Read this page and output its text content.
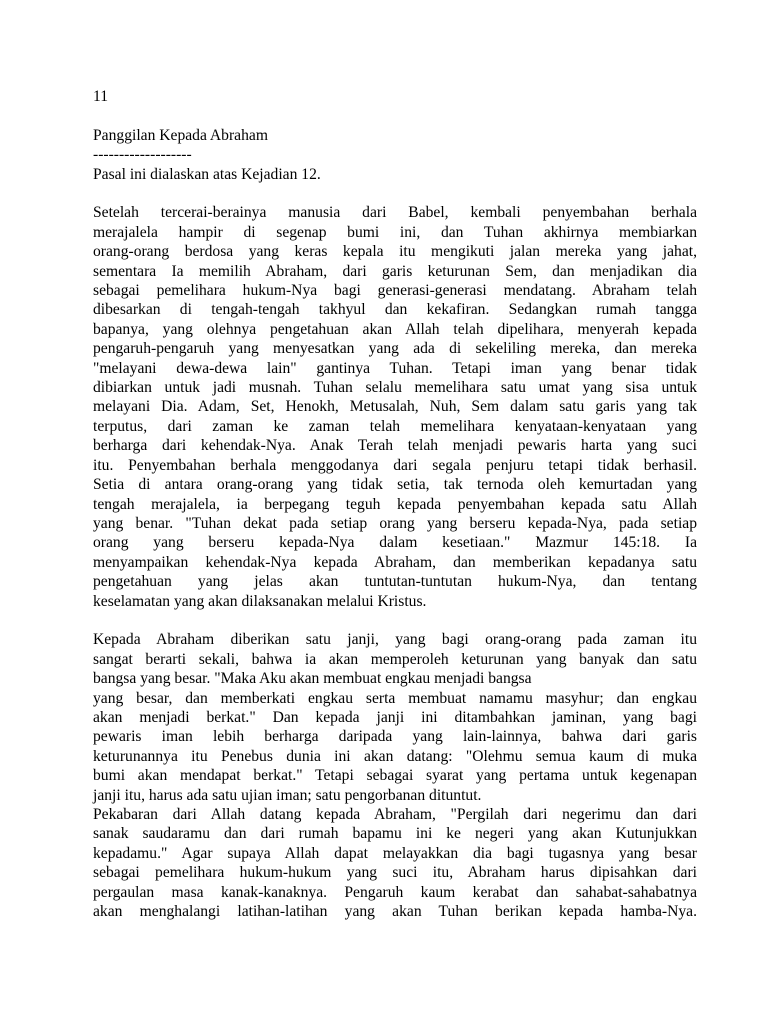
11
Panggilan Kepada Abraham
-------------------
Pasal ini dialaskan atas Kejadian 12.
Setelah tercerai-berainya manusia dari Babel, kembali penyembahan berhala
merajalela hampir di segenap bumi ini, dan Tuhan akhirnya membiarkan
orang-orang berdosa yang keras kepala itu mengikuti jalan mereka yang jahat,
sementara Ia memilih Abraham, dari garis keturunan Sem, dan menjadikan dia
sebagai pemelihara hukum-Nya bagi generasi-generasi mendatang. Abraham telah
dibesarkan di tengah-tengah takhyul dan kekafiran. Sedangkan rumah tangga
bapanya, yang olehnya pengetahuan akan Allah telah dipelihara, menyerah kepada
pengaruh-pengaruh yang menyesatkan yang ada di sekeliling mereka, dan mereka
"melayani dewa-dewa lain" gantinya Tuhan. Tetapi iman yang benar tidak
dibiarkan untuk jadi musnah. Tuhan selalu memelihara satu umat yang sisa untuk
melayani Dia. Adam, Set, Henokh, Metusalah, Nuh, Sem dalam satu garis yang tak
terputus, dari zaman ke zaman telah memelihara kenyataan-kenyataan yang
berharga dari kehendak-Nya. Anak Terah telah menjadi pewaris harta yang suci
itu. Penyembahan berhala menggodanya dari segala penjuru tetapi tidak berhasil.
Setia di antara orang-orang yang tidak setia, tak ternoda oleh kemurtadan yang
tengah merajalela, ia berpegang teguh kepada penyembahan kepada satu Allah
yang benar. "Tuhan dekat pada setiap orang yang berseru kepada-Nya, pada setiap
orang yang berseru kepada-Nya dalam kesetiaan." Mazmur 145:18. Ia
menyampaikan kehendak-Nya kepada Abraham, dan memberikan kepadanya satu
pengetahuan yang jelas akan tuntutan-tuntutan hukum-Nya, dan tentang
keselamatan yang akan dilaksanakan melalui Kristus.
Kepada Abraham diberikan satu janji, yang bagi orang-orang pada zaman itu
sangat berarti sekali, bahwa ia akan memperoleh keturunan yang banyak dan satu
bangsa yang besar. "Maka Aku akan membuat engkau menjadi bangsa
yang besar, dan memberkati engkau serta membuat namamu masyhur; dan engkau
akan menjadi berkat." Dan kepada janji ini ditambahkan jaminan, yang bagi
pewaris iman lebih berharga daripada yang lain-lainnya, bahwa dari garis
keturunannya itu Penebus dunia ini akan datang: "Olehmu semua kaum di muka
bumi akan mendapat berkat." Tetapi sebagai syarat yang pertama untuk kegenapan
janji itu, harus ada satu ujian iman; satu pengorbanan dituntut.
Pekabaran dari Allah datang kepada Abraham, "Pergilah dari negerimu dan dari
sanak saudaramu dan dari rumah bapamu ini ke negeri yang akan Kutunjukkan
kepadamu." Agar supaya Allah dapat melayakkan dia bagi tugasnya yang besar
sebagai pemelihara hukum-hukum yang suci itu, Abraham harus dipisahkan dari
pergaulan masa kanak-kanaknya. Pengaruh kaum kerabat dan sahabat-sahabatnya
akan menghalangi latihan-latihan yang akan Tuhan berikan kepada hamba-Nya.
